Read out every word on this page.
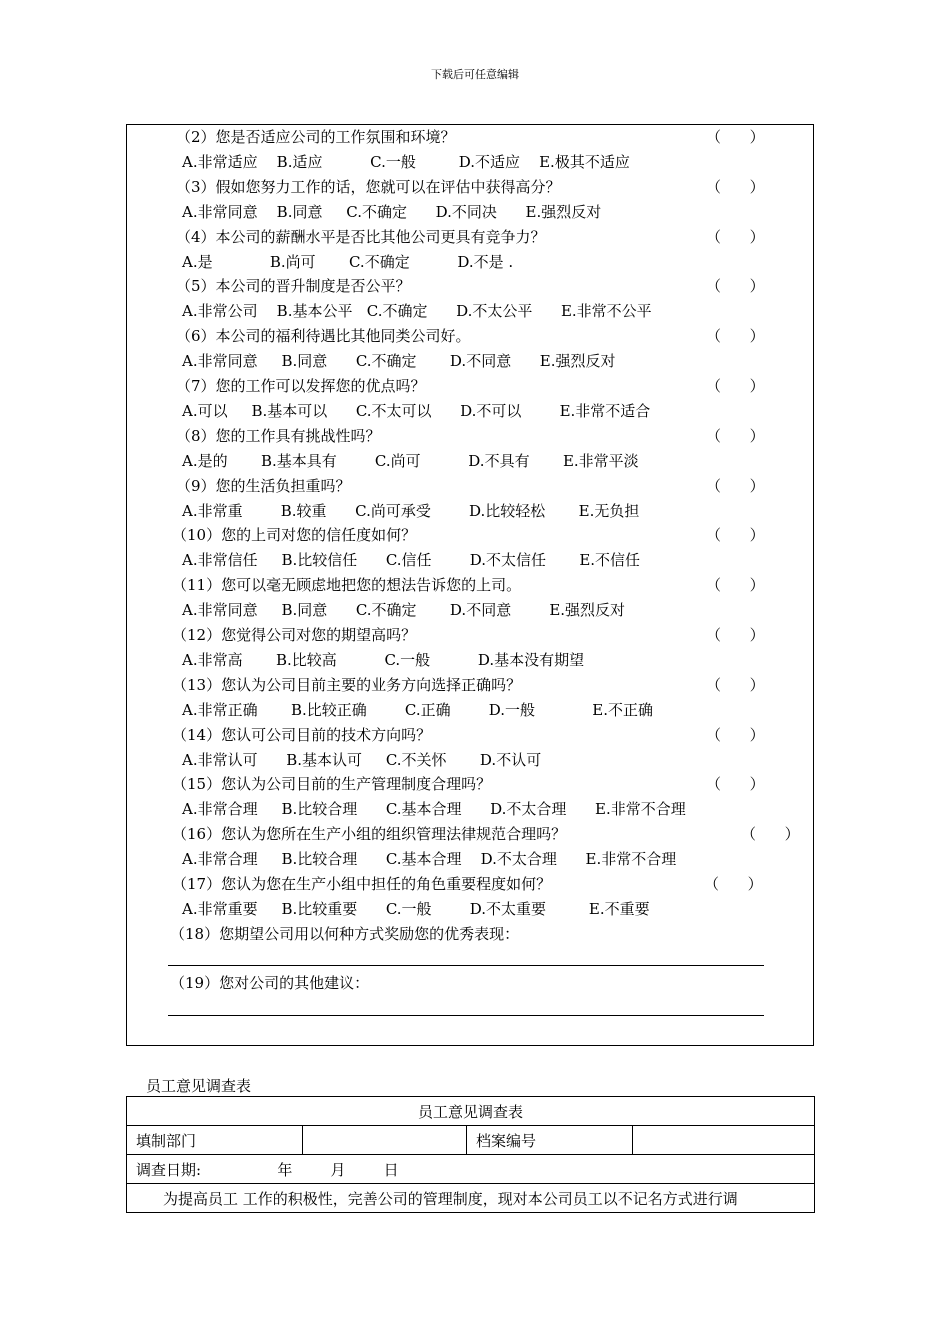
下载后可任意编辑
（2）您是否适应公司的工作氛围和环境？	（      ）
A.非常适应    B.适应          C.一般         D.不适应    E.极其不适应
（3）假如您努力工作的话，您就可以在评估中获得高分？	（      ）
A.非常同意    B.同意     C.不确定      D.不同决      E.强烈反对
（4）本公司的薪酬水平是否比其他公司更具有竞争力？	（      ）
A.是            B.尚可       C.不确定          D.不是 .
（5）本公司的晋升制度是否公平？	（      ）
A.非常公司    B.基本公平   C.不确定      D.不太公平      E.非常不公平
（6）本公司的福利待遇比其他同类公司好。	（      ）
A.非常同意     B.同意      C.不确定       D.不同意      E.强烈反对
（7）您的工作可以发挥您的优点吗？	（      ）
A.可以     B.基本可以      C.不太可以      D.不可以        E.非常不适合
（8）您的工作具有挑战性吗？	（      ）
A.是的       B.基本具有        C.尚可          D.不具有       E.非常平淡
（9）您的生活负担重吗？	（      ）
A.非常重        B.较重      C.尚可承受        D.比较轻松       E.无负担
（10）您的上司对您的信任度如何？	（      ）
A.非常信任     B.比较信任      C.信任        D.不太信任       E.不信任
（11）您可以毫无顾虑地把您的想法告诉您的上司。	（      ）
A.非常同意     B.同意      C.不确定       D.不同意        E.强烈反对
（12）您觉得公司对您的期望高吗？	（      ）
A.非常高       B.比较高          C.一般          D.基本没有期望
（13）您认为公司目前主要的业务方向选择正确吗？	（      ）
A.非常正确       B.比较正确        C.正确        D.一般            E.不正确
（14）您认可公司目前的技术方向吗？	（      ）
A.非常认可      B.基本认可     C.不关怀       D.不认可
（15）您认为公司目前的生产管理制度合理吗？	（      ）
A.非常合理     B.比较合理      C.基本合理      D.不太合理      E.非常不合理
（16）您认为您所在生产小组的组织管理法律规范合理吗？	（      ）
A.非常合理     B.比较合理      C.基本合理    D.不太合理      E.非常不合理
（17）您认为您在生产小组中担任的角色重要程度如何？	（      ）
A.非常重要     B.比较重要      C.一般        D.不太重要         E.不重要
（18）您期望公司用以何种方式奖励您的优秀表现：
（19）您对公司的其他建议：
员工意见调查表
员工意见调查表
填制部门		档案编号	
调查日期:                年        月        日
为提高员工 工作的积极性，完善公司的管理制度，现对本公司员工以不记名方式进行调
